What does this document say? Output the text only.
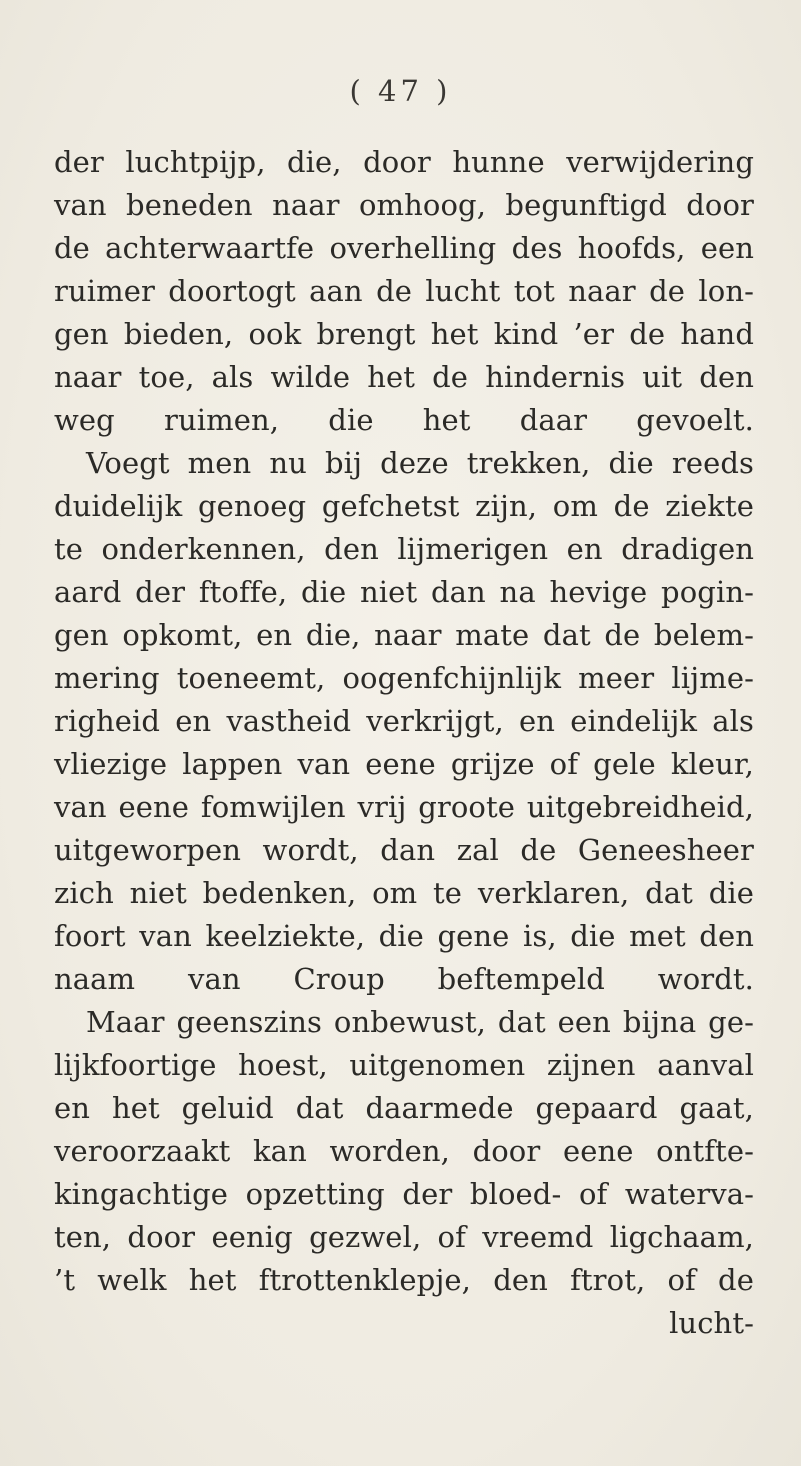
( 47 )
der luchtpijp, die, door hunne verwijdering
van beneden naar omhoog, begunftigd door
de achterwaartfe overhelling des hoofds, een
ruimer doortogt aan de lucht tot naar de lon-
gen bieden, ook brengt het kind ’er de hand
naar toe, als wilde het de hindernis uit den
weg ruimen, die het daar gevoelt.
Voegt men nu bij deze trekken, die reeds
duidelijk genoeg gefchetst zijn, om de ziekte
te onderkennen, den lijmerigen en dradigen
aard der ftoffe, die niet dan na hevige pogin-
gen opkomt, en die, naar mate dat de belem-
mering toeneemt, oogenfchijnlijk meer lijme-
righeid en vastheid verkrijgt, en eindelijk als
vliezige lappen van eene grijze of gele kleur,
van eene fomwijlen vrij groote uitgebreidheid,
uitgeworpen wordt, dan zal de Geneesheer
zich niet bedenken, om te verklaren, dat die
foort van keelziekte, die gene is, die met den
naam van Croup beftempeld wordt.
Maar geenszins onbewust, dat een bijna ge-
lijkfoortige hoest, uitgenomen zijnen aanval
en het geluid dat daarmede gepaard gaat,
veroorzaakt kan worden, door eene ontfte-
kingachtige opzetting der bloed- of waterva-
ten, door eenig gezwel, of vreemd ligchaam,
’t welk het ftrottenklepje, den ftrot, of de
lucht-
